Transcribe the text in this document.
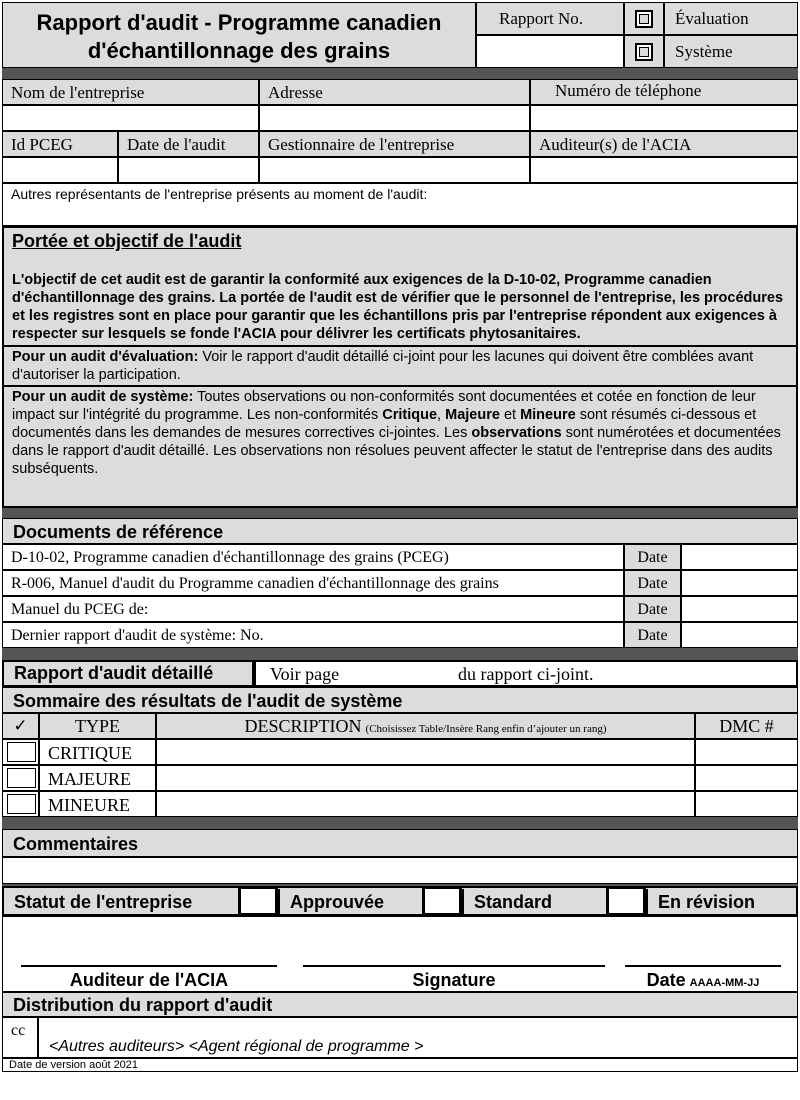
Rapport d'audit - Programme canadien
d'échantillonnage des grains
Rapport No.	Évaluation
Système
Nom de l'entreprise	Adresse	Numéro de téléphone
Id PCEG	Date de l'audit	Gestionnaire de l'entreprise	Auditeur(s) de l'ACIA
Autres représentants de l'entreprise présents au moment de l'audit:
Portée et objectif de l'audit
L'objectif de cet audit est de garantir la conformité aux exigences de la D-10-02, Programme canadien d'échantillonnage des grains. La portée de l'audit est de vérifier que le personnel de l'entreprise, les procédures et les registres sont en place pour garantir que les échantillons pris par l'entreprise répondent aux exigences à respecter sur lesquels se fonde l'ACIA pour délivrer les certificats phytosanitaires.
Pour un audit d'évaluation: Voir le rapport d'audit détaillé ci-joint pour les lacunes qui doivent être comblées avant d'autoriser la participation.
Pour un audit de système: Toutes observations ou non-conformités sont documentées et cotée en fonction de leur impact sur l'intégrité du programme. Les non-conformités Critique, Majeure et Mineure sont résumés ci-dessous et documentés dans les demandes de mesures correctives ci-jointes. Les observations sont numérotées et documentées dans le rapport d'audit détaillé. Les observations non résolues peuvent affecter le statut de l'entreprise dans des audits subséquents.
Documents de référence
D-10-02, Programme canadien d'échantillonnage des grains (PCEG)	Date
R-006, Manuel d'audit du Programme canadien d'échantillonnage des grains	Date
Manuel du PCEG de:	Date
Dernier rapport d'audit de système: No.	Date
Rapport d'audit détaillé	Voir page	du rapport ci-joint.
Sommaire des résultats de l'audit de système
✓	TYPE	DESCRIPTION (Choisissez Table/Insère Rang enfin d’ajouter un rang)	DMC #
CRITIQUE
MAJEURE
MINEURE
Commentaires
Statut de l'entreprise	Approuvée	Standard	En révision
Auditeur de l'ACIA	Signature	Date AAAA-MM-JJ
Distribution du rapport d'audit
cc
<Autres auditeurs> <Agent régional de programme >
Date de version août 2021
